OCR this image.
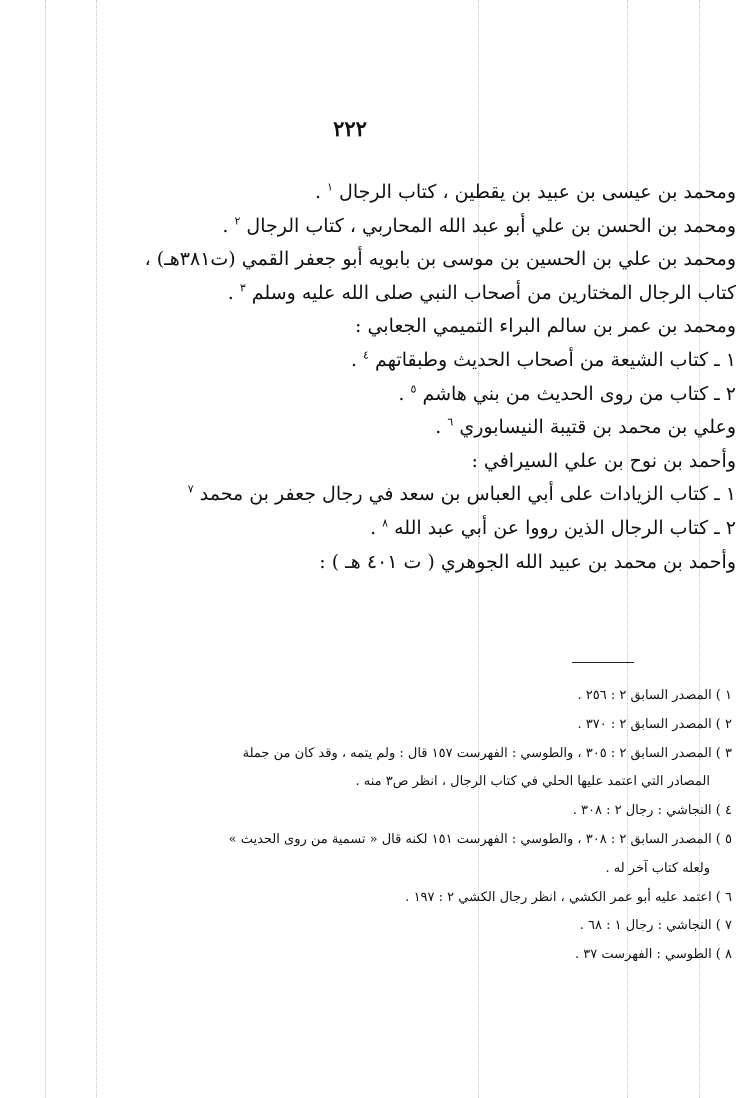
٢٢٢
ومحمد بن عيسى بن عبيد بن يقطين ، كتاب الرجال $^١$ .
ومحمد بن الحسن بن علي أبو عبد الله المحاربي ، كتاب الرجال $^٢$ .
ومحمد بن علي بن الحسين بن موسى بن بابويه أبو جعفر القمي (ت٣٨١هـ) ،
كتاب الرجال المختارين من أصحاب النبي صلى الله عليه وسلم $^٣$ .
ومحمد بن عمر بن سالم البراء التميمي الجعابي :
١ ـ كتاب الشيعة من أصحاب الحديث وطبقاتهم $^٤$ .
٢ ـ كتاب من روى الحديث من بني هاشم $^٥$ .
وعلي بن محمد بن قتيبة النيسابوري $^٦$ .
وأحمد بن نوح بن علي السيرافي :
١ ـ كتاب الزيادات على أبي العباس بن سعد في رجال جعفر بن محمد $^٧$
٢ ـ كتاب الرجال الذين رووا عن أبي عبد الله $^٨$ .
وأحمد بن محمد بن عبيد الله الجوهري ( ت ٤٠١ هـ ) :
١ ) المصدر السابق ٢ : ٢٥٦ .
٢ ) المصدر السابق ٢ : ٣٧٠ .
٣ ) المصدر السابق ٢ : ٣٠٥ ، والطوسي : الفهرست ١٥٧ قال : ولم يتمه ، وقد كان من جملة
المصادر التي اعتمد عليها الحلي في كتاب الرجال ، انظر ص٣ منه .
٤ ) النجاشي : رجال ٢ : ٣٠٨ .
٥ ) المصدر السابق ٢ : ٣٠٨ ، والطوسي : الفهرست ١٥١ لكنه قال « تسمية من روى الحديث »
ولعله كتاب آخر له .
٦ ) اعتمد عليه أبو عمر الكشي ، انظر رجال الكشي ٢ : ١٩٧ .
٧ ) النجاشي : رجال ١ : ٦٨ .
٨ ) الطوسي : الفهرست ٣٧ .
